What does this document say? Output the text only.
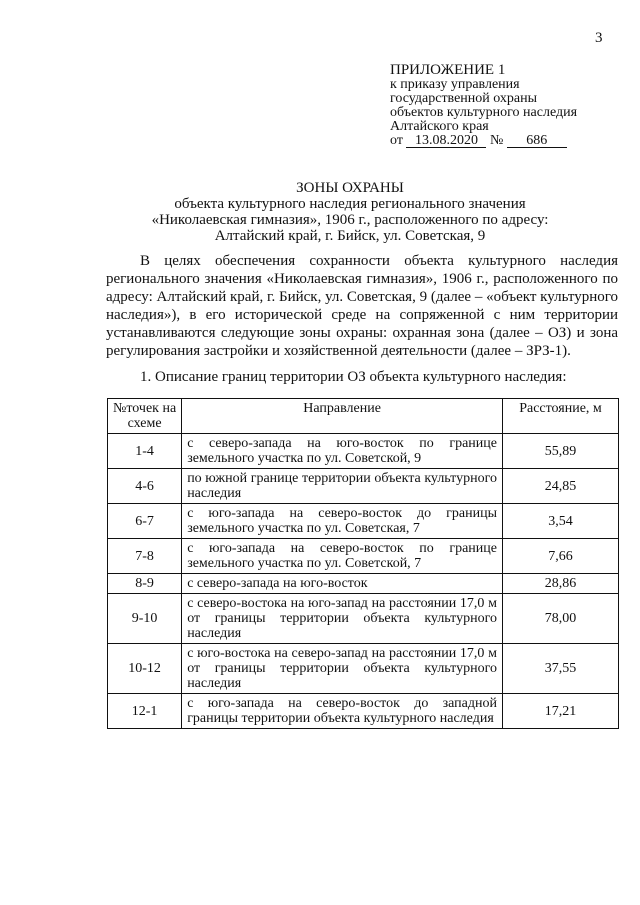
3
ПРИЛОЖЕНИЕ 1
к приказу управления
государственной охраны
объектов культурного наследия
Алтайского края
от 13.08.2020 № 686
ЗОНЫ ОХРАНЫ
объекта культурного наследия регионального значения
«Николаевская гимназия», 1906 г., расположенного по адресу:
Алтайский край, г. Бийск, ул. Советская, 9

В целях обеспечения сохранности объекта культурного наследия регионального значения «Николаевская гимназия», 1906 г., расположенного по адресу: Алтайский край, г. Бийск, ул. Советская, 9 (далее – «объект культурного наследия»), в его исторической среде на сопряженной с ним территории устанавливаются следующие зоны охраны: охранная зона (далее – ОЗ) и зона регулирования застройки и хозяйственной деятельности (далее – ЗРЗ-1).

1. Описание границ территории ОЗ объекта культурного наследия:
№точек на схеме	Направление	Расстояние, м
1-4	с северо-запада на юго-восток по границе земельного участка по ул. Советской, 9	55,89
4-6	по южной границе территории объекта культурного наследия	24,85
6-7	с юго-запада на северо-восток до границы земельного участка по ул. Советская, 7	3,54
7-8	с юго-запада на северо-восток по границе земельного участка по ул. Советской, 7	7,66
8-9	с северо-запада на юго-восток	28,86
9-10	с северо-востока на юго-запад на расстоянии 17,0 м от границы территории объекта культурного наследия	78,00
10-12	с юго-востока на северо-запад на расстоянии 17,0 м от границы территории объекта культурного наследия	37,55
12-1	с юго-запада на северо-восток до западной границы территории объекта культурного наследия	17,21
